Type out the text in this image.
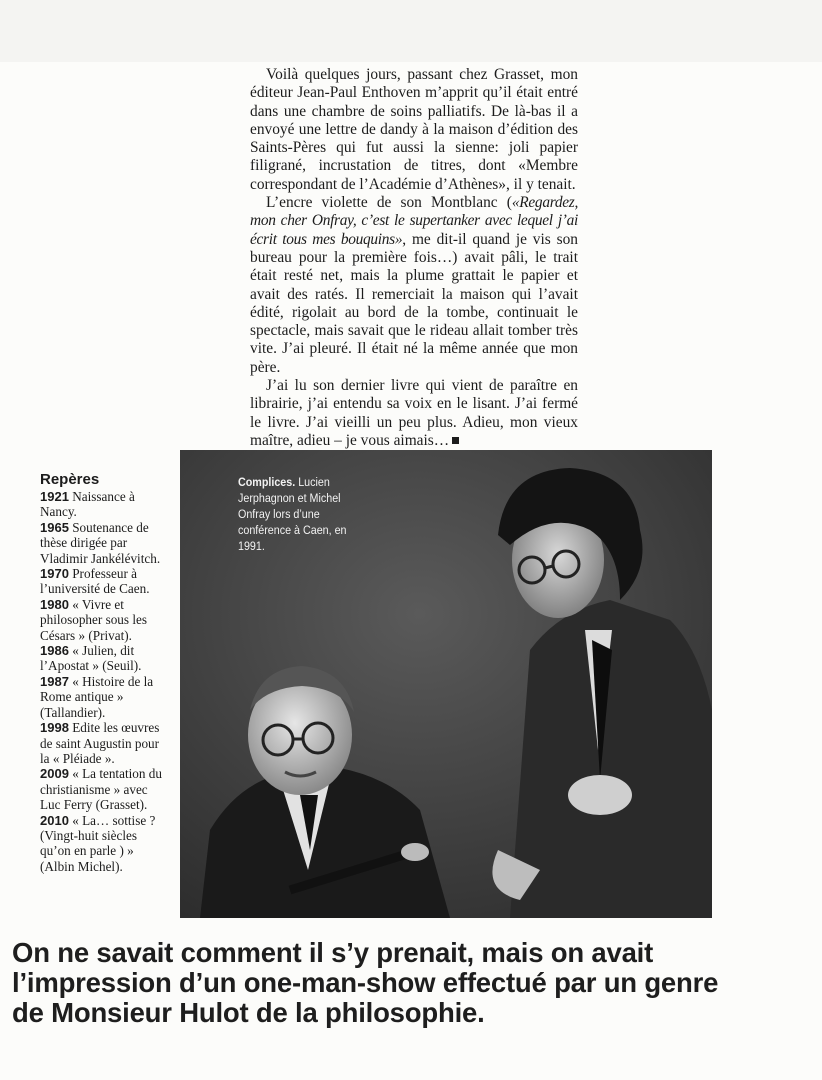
Voilà quelques jours, passant chez Grasset, mon éditeur Jean-Paul Enthoven m’apprit qu’il était entré dans une chambre de soins palliatifs. De là-bas il a envoyé une lettre de dandy à la maison d’édition des Saints-Pères qui fut aussi la sienne: joli papier filigrané, incrustation de titres, dont «Membre correspondant de l’Académie d’Athènes», il y tenait.

L’encre violette de son Montblanc («Regardez, mon cher Onfray, c’est le supertanker avec lequel j’ai écrit tous mes bouquins», me dit-il quand je vis son bureau pour la première fois…) avait pâli, le trait était resté net, mais la plume grattait le papier et avait des ratés. Il remerciait la maison qui l’avait édité, rigolait au bord de la tombe, continuait le spectacle, mais savait que le rideau allait tomber très vite. J’ai pleuré. Il était né la même année que mon père.

J’ai lu son dernier livre qui vient de paraître en librairie, j’ai entendu sa voix en le lisant. J’ai fermé le livre. J’ai vieilli un peu plus. Adieu, mon vieux maître, adieu – je vous aimais…

Repères
1921 Naissance à Nancy.
1965 Soutenance de thèse dirigée par Vladimir Jankélévitch.
1970 Professeur à l’université de Caen.
1980 « Vivre et philosopher sous les Césars » (Privat).
1986 « Julien, dit l’Apostat » (Seuil).
1987 « Histoire de la Rome antique » (Tallandier).
1998 Edite les œuvres de saint Augustin pour la « Pléiade ».
2009 « La tentation du christianisme » avec Luc Ferry (Grasset).
2010 « La… sottise ? (Vingt-huit siècles qu’on en parle ) » (Albin Michel).
Complices. Lucien Jerphagnon et Michel Onfray lors d’une conférence à Caen, en 1991.
On ne savait comment il s’y prenait, mais on avait
l’impression d’un one-man-show effectué par un genre
de Monsieur Hulot de la philosophie.
